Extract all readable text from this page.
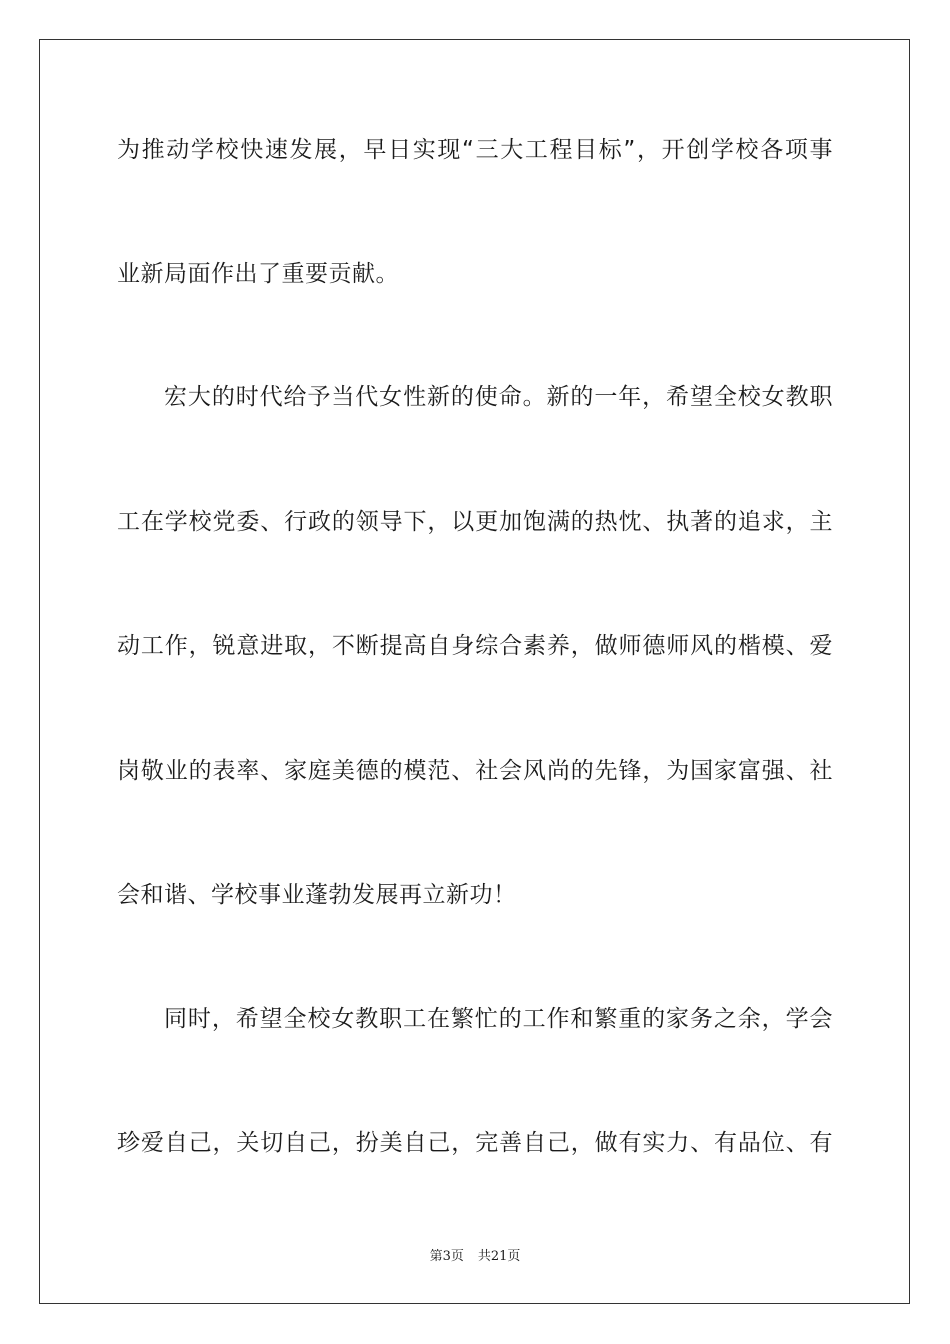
为推动学校快速发展，早日实现“三大工程目标”，开创学校各项事
业新局面作出了重要贡献。
宏大的时代给予当代女性新的使命。新的一年，希望全校女教职
工在学校党委、行政的领导下，以更加饱满的热忱、执著的追求，主
动工作，锐意进取，不断提高自身综合素养，做师德师风的楷模、爱
岗敬业的表率、家庭美德的模范、社会风尚的先锋，为国家富强、社
会和谐、学校事业蓬勃发展再立新功！
同时，希望全校女教职工在繁忙的工作和繁重的家务之余，学会
珍爱自己，关切自己，扮美自己，完善自己，做有实力、有品位、有
第3页 共21页
